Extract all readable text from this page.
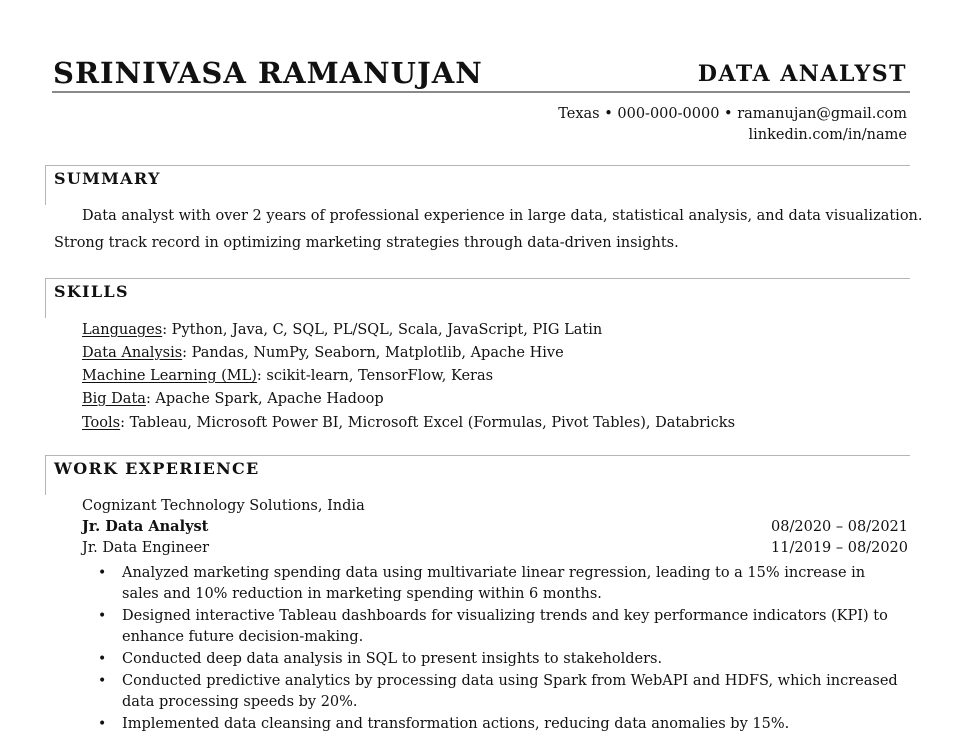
SRINIVASA RAMANUJAN	DATA ANALYST
Texas • 000-000-0000 • ramanujan@gmail.com
linkedin.com/in/name
SUMMARY
Data analyst with over 2 years of professional experience in large data, statistical analysis, and data visualization.
Strong track record in optimizing marketing strategies through data-driven insights.
SKILLS
Languages: Python, Java, C, SQL, PL/SQL, Scala, JavaScript, PIG Latin
Data Analysis: Pandas, NumPy, Seaborn, Matplotlib, Apache Hive
Machine Learning (ML): scikit-learn, TensorFlow, Keras
Big Data: Apache Spark, Apache Hadoop
Tools: Tableau, Microsoft Power BI, Microsoft Excel (Formulas, Pivot Tables), Databricks
WORK EXPERIENCE
Cognizant Technology Solutions, India
Jr. Data Analyst	08/2020 – 08/2021
Jr. Data Engineer	11/2019 – 08/2020
• Analyzed marketing spending data using multivariate linear regression, leading to a 15% increase in sales and 10% reduction in marketing spending within 6 months.
• Designed interactive Tableau dashboards for visualizing trends and key performance indicators (KPI) to enhance future decision-making.
• Conducted deep data analysis in SQL to present insights to stakeholders.
• Conducted predictive analytics by processing data using Spark from WebAPI and HDFS, which increased data processing speeds by 20%.
• Implemented data cleansing and transformation actions, reducing data anomalies by 15%.
